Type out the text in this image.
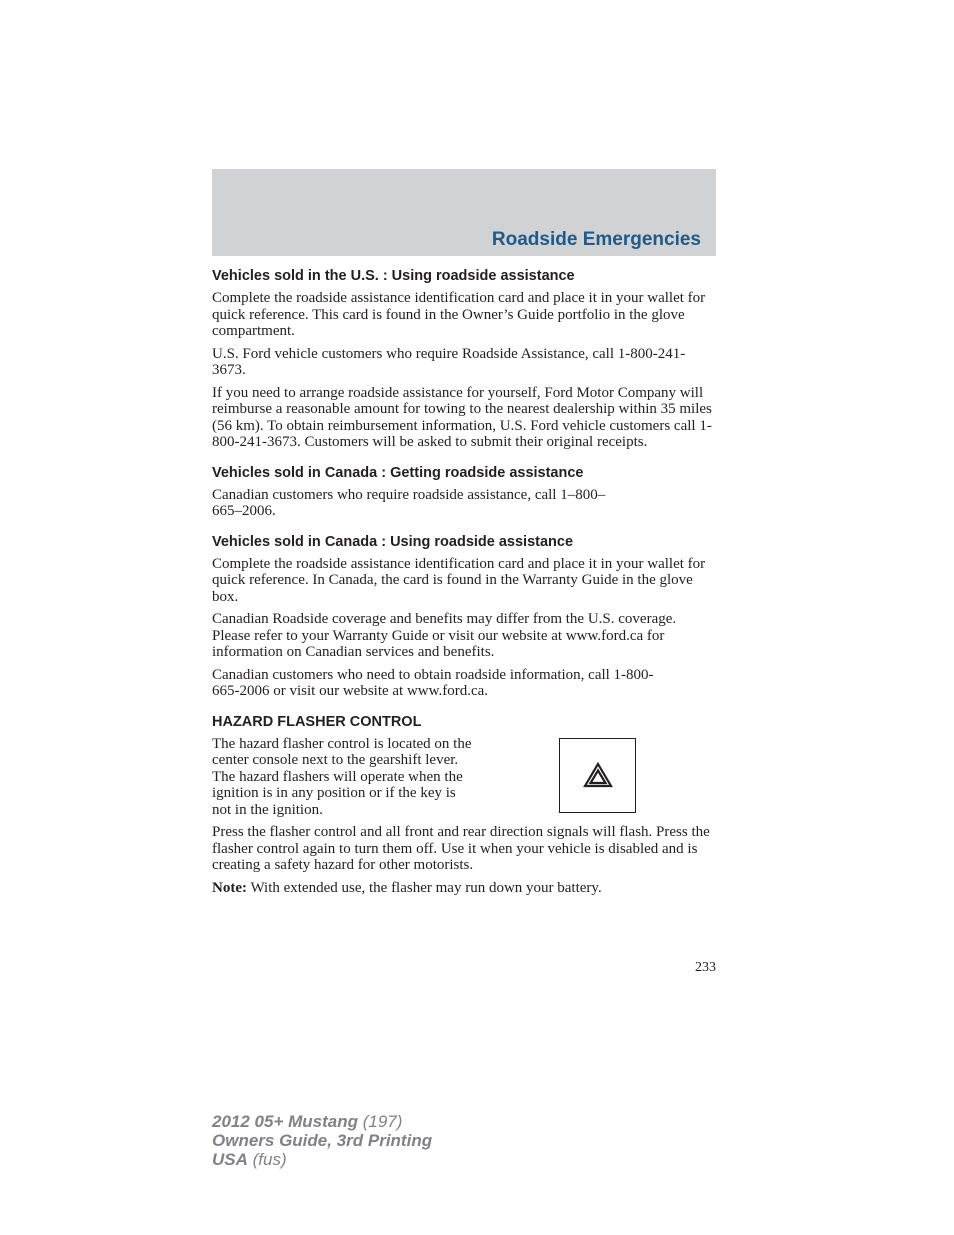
Roadside Emergencies
Vehicles sold in the U.S. : Using roadside assistance

Complete the roadside assistance identification card and place it in your wallet for quick reference. This card is found in the Owner’s Guide portfolio in the glove compartment.

U.S. Ford vehicle customers who require Roadside Assistance, call 1-800-241-3673.

If you need to arrange roadside assistance for yourself, Ford Motor Company will reimburse a reasonable amount for towing to the nearest dealership within 35 miles (56 km). To obtain reimbursement information, U.S. Ford vehicle customers call 1-800-241-3673. Customers will be asked to submit their original receipts.

Vehicles sold in Canada : Getting roadside assistance

Canadian customers who require roadside assistance, call 1–800–665–2006.

Vehicles sold in Canada : Using roadside assistance

Complete the roadside assistance identification card and place it in your wallet for quick reference. In Canada, the card is found in the Warranty Guide in the glove box.

Canadian Roadside coverage and benefits may differ from the U.S. coverage. Please refer to your Warranty Guide or visit our website at www.ford.ca for information on Canadian services and benefits.

Canadian customers who need to obtain roadside information, call 1-800-665-2006 or visit our website at www.ford.ca.

HAZARD FLASHER CONTROL

The hazard flasher control is located on the center console next to the gearshift lever. The hazard flashers will operate when the ignition is in any position or if the key is not in the ignition.

Press the flasher control and all front and rear direction signals will flash. Press the flasher control again to turn them off. Use it when your vehicle is disabled and is creating a safety hazard for other motorists.

Note: With extended use, the flasher may run down your battery.

233
2012 05+ Mustang (197)
Owners Guide, 3rd Printing
USA (fus)
